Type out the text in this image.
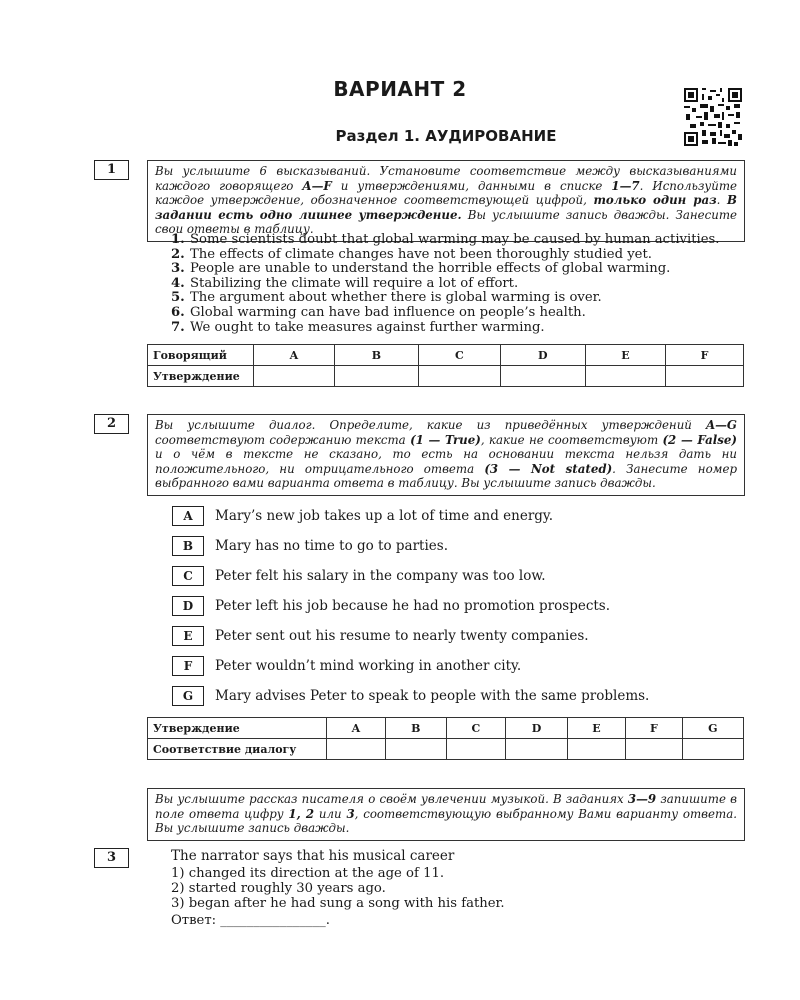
ВАРИАНТ 2
Раздел 1. АУДИРОВАНИЕ
1	Вы услышите 6 высказываний. Установите соответствие между высказываниями каждого говорящего A—F и утверждениями, данными в списке 1—7. Используйте каждое утверждение, обозначенное соответствующей цифрой, только один раз. В задании есть одно лишнее утверждение. Вы услышите запись дважды. Занесите свои ответы в таблицу.
1. Some scientists doubt that global warming may be caused by human activities.
2. The effects of climate changes have not been thoroughly studied yet.
3. People are unable to understand the horrible effects of global warming.
4. Stabilizing the climate will require a lot of effort.
5. The argument about whether there is global warming is over.
6. Global warming can have bad influence on people’s health.
7. We ought to take measures against further warming.
Говорящий	A	B	C	D	E	F
Утверждение						
2	Вы услышите диалог. Определите, какие из приведённых утверждений A—G соответствуют содержанию текста (1 — True), какие не соответствуют (2 — False) и о чём в тексте не сказано, то есть на основании текста нельзя дать ни положительного, ни отрицательного ответа (3 — Not stated). Занесите номер выбранного вами варианта ответа в таблицу. Вы услышите запись дважды.
A	Mary’s new job takes up a lot of time and energy.
B	Mary has no time to go to parties.
C	Peter felt his salary in the company was too low.
D	Peter left his job because he had no promotion prospects.
E	Peter sent out his resume to nearly twenty companies.
F	Peter wouldn’t mind working in another city.
G	Mary advises Peter to speak to people with the same problems.
Утверждение	A	B	C	D	E	F	G
Соответствие диалогу							
Вы услышите рассказ писателя о своём увлечении музыкой. В заданиях 3—9 запишите в поле ответа цифру 1, 2 или 3, соответствующую выбранному Вами варианту ответа. Вы услышите запись дважды.
3	The narrator says that his musical career
1) changed its direction at the age of 11.
2) started roughly 30 years ago.
3) began after he had sung a song with his father.
Ответ: ________________.
